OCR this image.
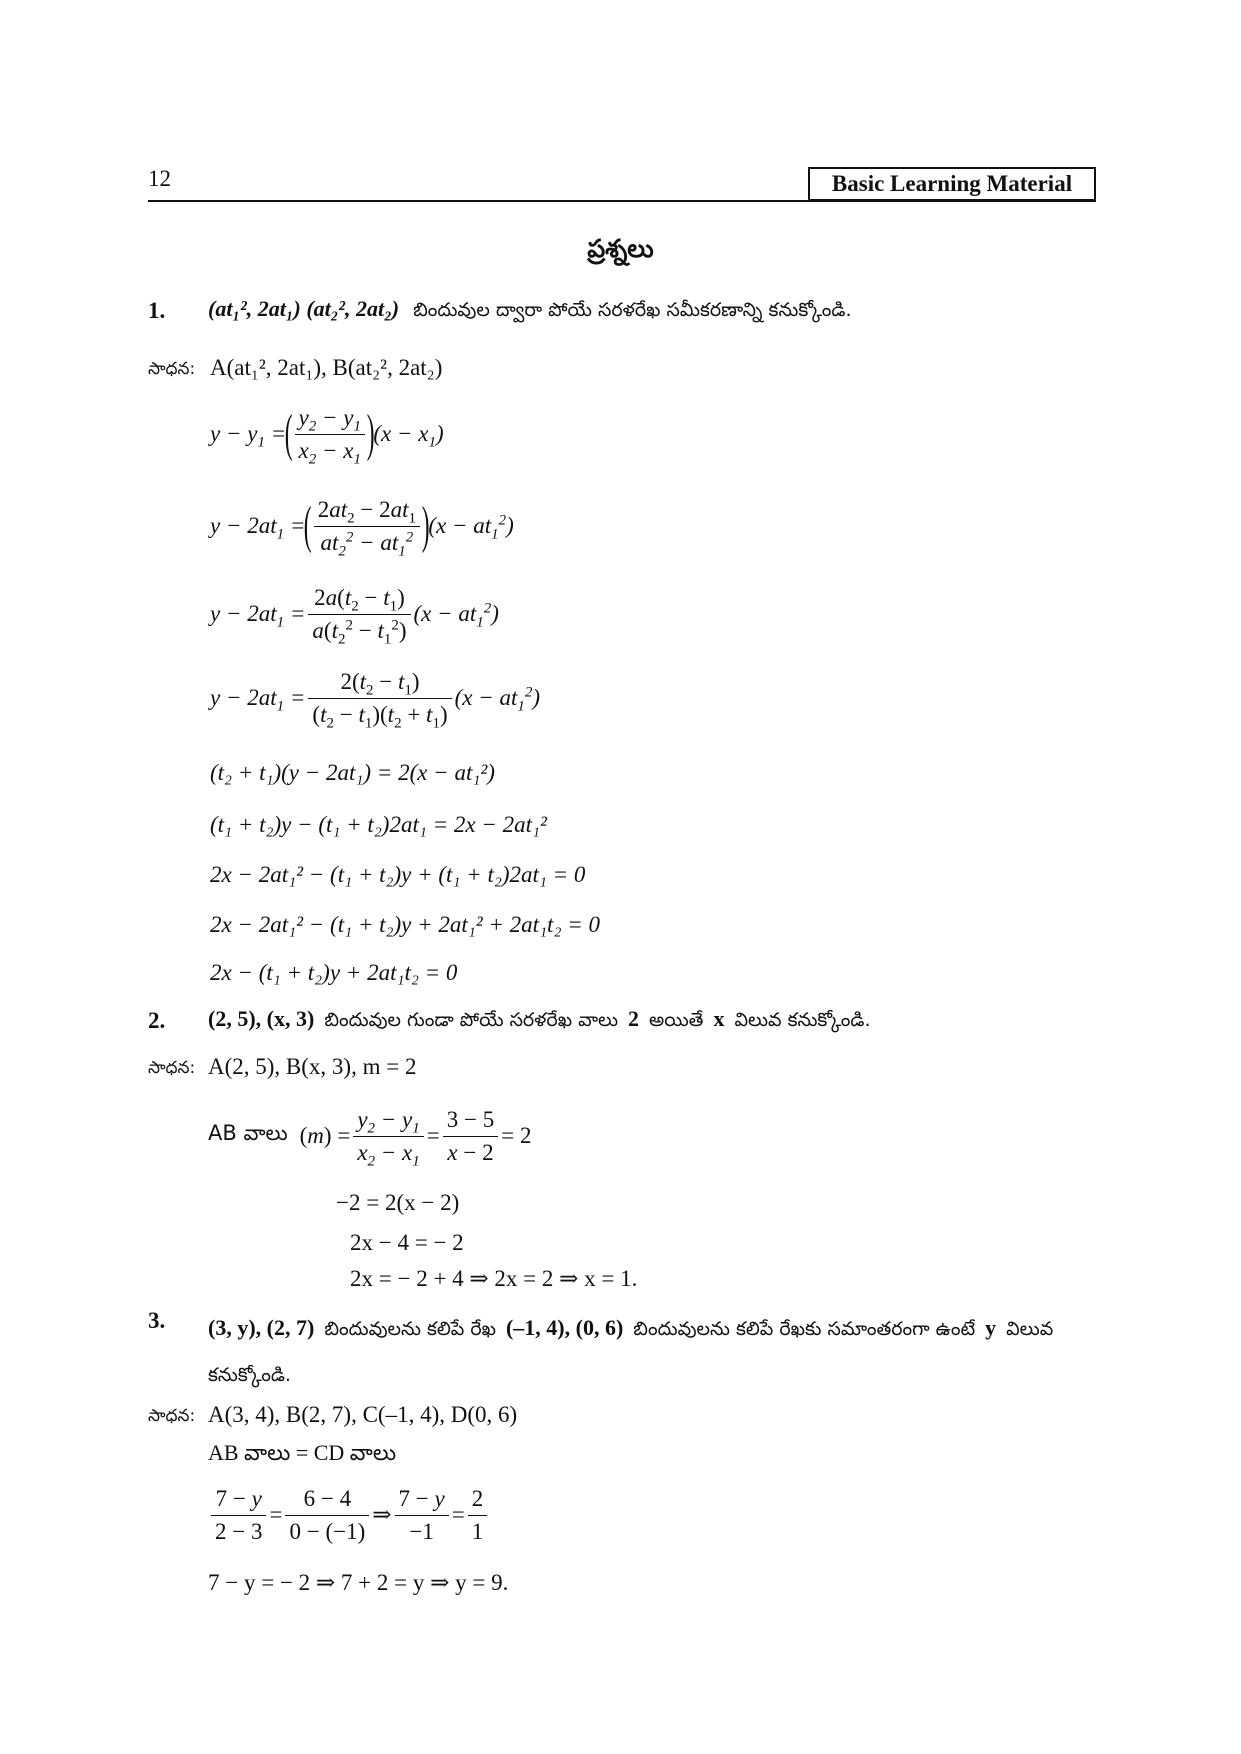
12	Basic Learning Material
ప్రశ్నలు
1. (at₁², 2at₁) (at₂², 2at₂) బిందువుల ద్వారా పోయే సరళరేఖ సమీకరణాన్ని కనుక్కోండి.
సాధన: A(at₁², 2at₁), B(at₂², 2at₂)
$y - y_1$ =
( $\frac{y_2 - y_1}{x_2 - x_1}$ )
$(x - x_1)$
$y - 2at_1$ =
( $\frac{2at_2 - 2at_1}{at_2^2 - at_1^2}$ )
$(x - at_1^2)$
$y - 2at_1 = \frac{2a(t_2 - t_1)}{a(t_2^2 - t_1^2)} (x - at_1^2)$
$y - 2at_1 = \frac{2(t_2 - t_1)}{(t_2 - t_1)(t_2 + t_1)} (x - at_1^2)$
(t₂ + t₁)(y − 2at₁) = 2(x − at₁²)
(t₁ + t₂)y − (t₁ + t₂)2at₁ = 2x − 2at₁²
2x − 2at₁² − (t₁ + t₂)y + (t₁ + t₂)2at₁ = 0
2x − 2at₁² − (t₁ + t₂)y + 2at₁² + 2at₁t₂ = 0
2x − (t₁ + t₂)y + 2at₁t₂ = 0
2. (2, 5), (x, 3) బిందువుల గుండా పోయే సరళరేఖ వాలు 2 అయితే x విలువ కనుక్కోండి.
సాధన: A(2, 5), B(x, 3), m = 2
AB వాలు $(m) = \frac{y_2 - y_1}{x_2 - x_1} = \frac{3 - 5}{x - 2} = 2$
−2 = 2(x − 2)
2x − 4 = − 2
2x = − 2 + 4 ⇒ 2x = 2 ⇒ x = 1.
3. (3, y), (2, 7) బిందువులను కలిపే రేఖ (–1, 4), (0, 6) బిందువులను కలిపే రేఖకు సమాంతరంగా ఉంటే y విలువ కనుక్కోండి.
సాధన: A(3, 4), B(2, 7), C(–1, 4), D(0, 6)
AB వాలు = CD వాలు
$\frac{7 - y}{2 - 3} = \frac{6 - 4}{0 - (-1)}$ ⇒ $\frac{7 - y}{-1} = \frac{2}{1}$
7 − y = − 2 ⇒ 7 + 2 = y ⇒ y = 9.
